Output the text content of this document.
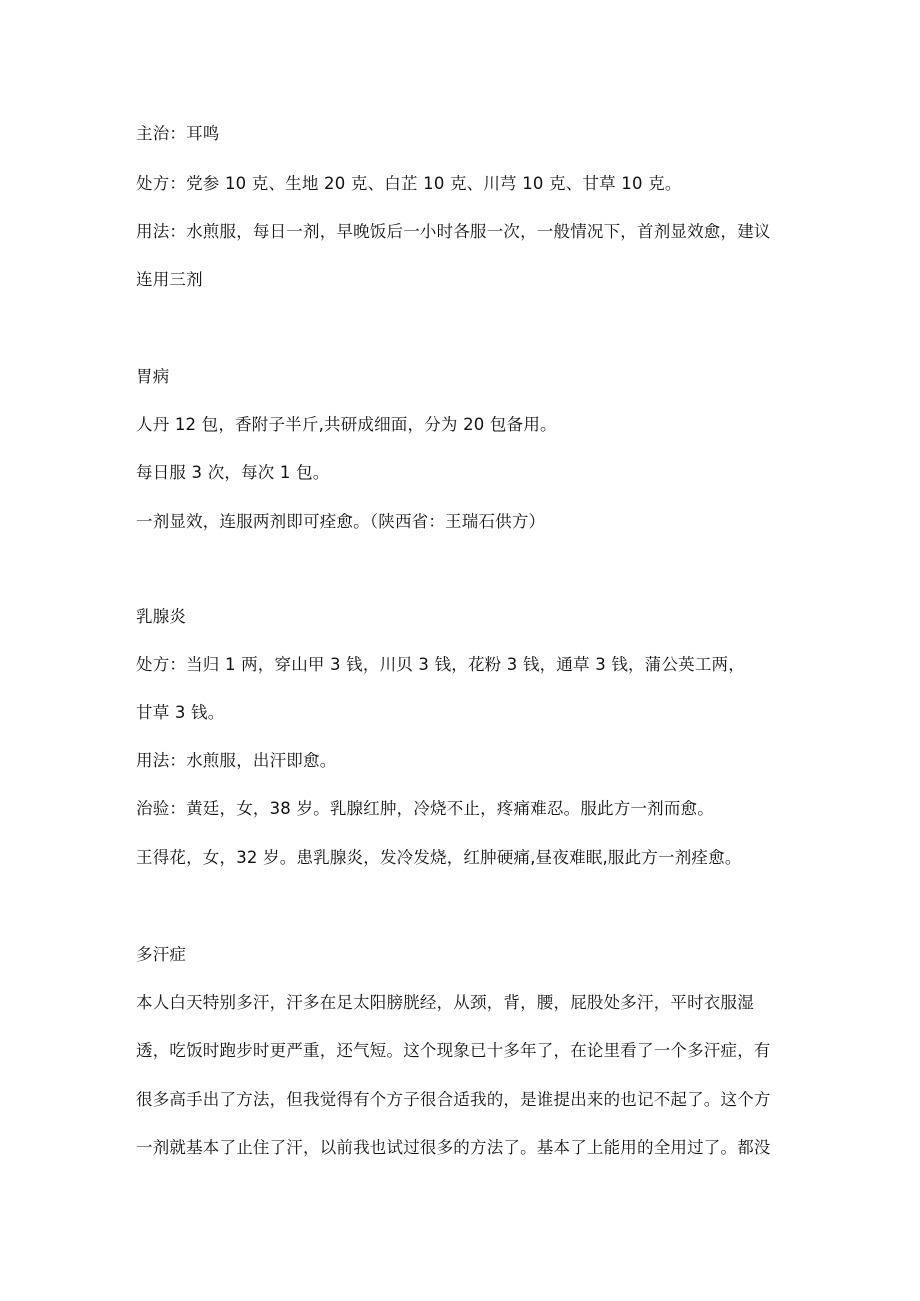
主治：耳鸣
处方：党参 10 克、生地 20 克、白芷 10 克、川芎 10 克、甘草 10 克。
用法：水煎服，每日一剂，早晚饭后一小时各服一次，一般情况下，首剂显效愈，建议
连用三剂
胃病
人丹 12 包，香附子半斤,共研成细面，分为 20 包备用。
每日服 3 次，每次 1 包。
一剂显效，连服两剂即可痊愈。（陕西省：王瑞石供方）
乳腺炎
处方：当归 1 两，穿山甲 3 钱，川贝 3 钱，花粉 3 钱，通草 3 钱，蒲公英工两，
甘草 3 钱。
用法：水煎服，出汗即愈。
治验：黄廷，女，38 岁。乳腺红肿，冷烧不止，疼痛难忍。服此方一剂而愈。
王得花，女，32 岁。患乳腺炎，发冷发烧，红肿硬痛,昼夜难眠,服此方一剂痊愈。
多汗症
本人白天特别多汗，汗多在足太阳膀胱经，从颈，背，腰，屁股处多汗，平时衣服湿
透，吃饭时跑步时更严重，还气短。这个现象已十多年了，在论里看了一个多汗症，有
很多高手出了方法，但我觉得有个方子很合适我的，是谁提出来的也记不起了。这个方
一剂就基本了止住了汗，以前我也试过很多的方法了。基本了上能用的全用过了。都没
